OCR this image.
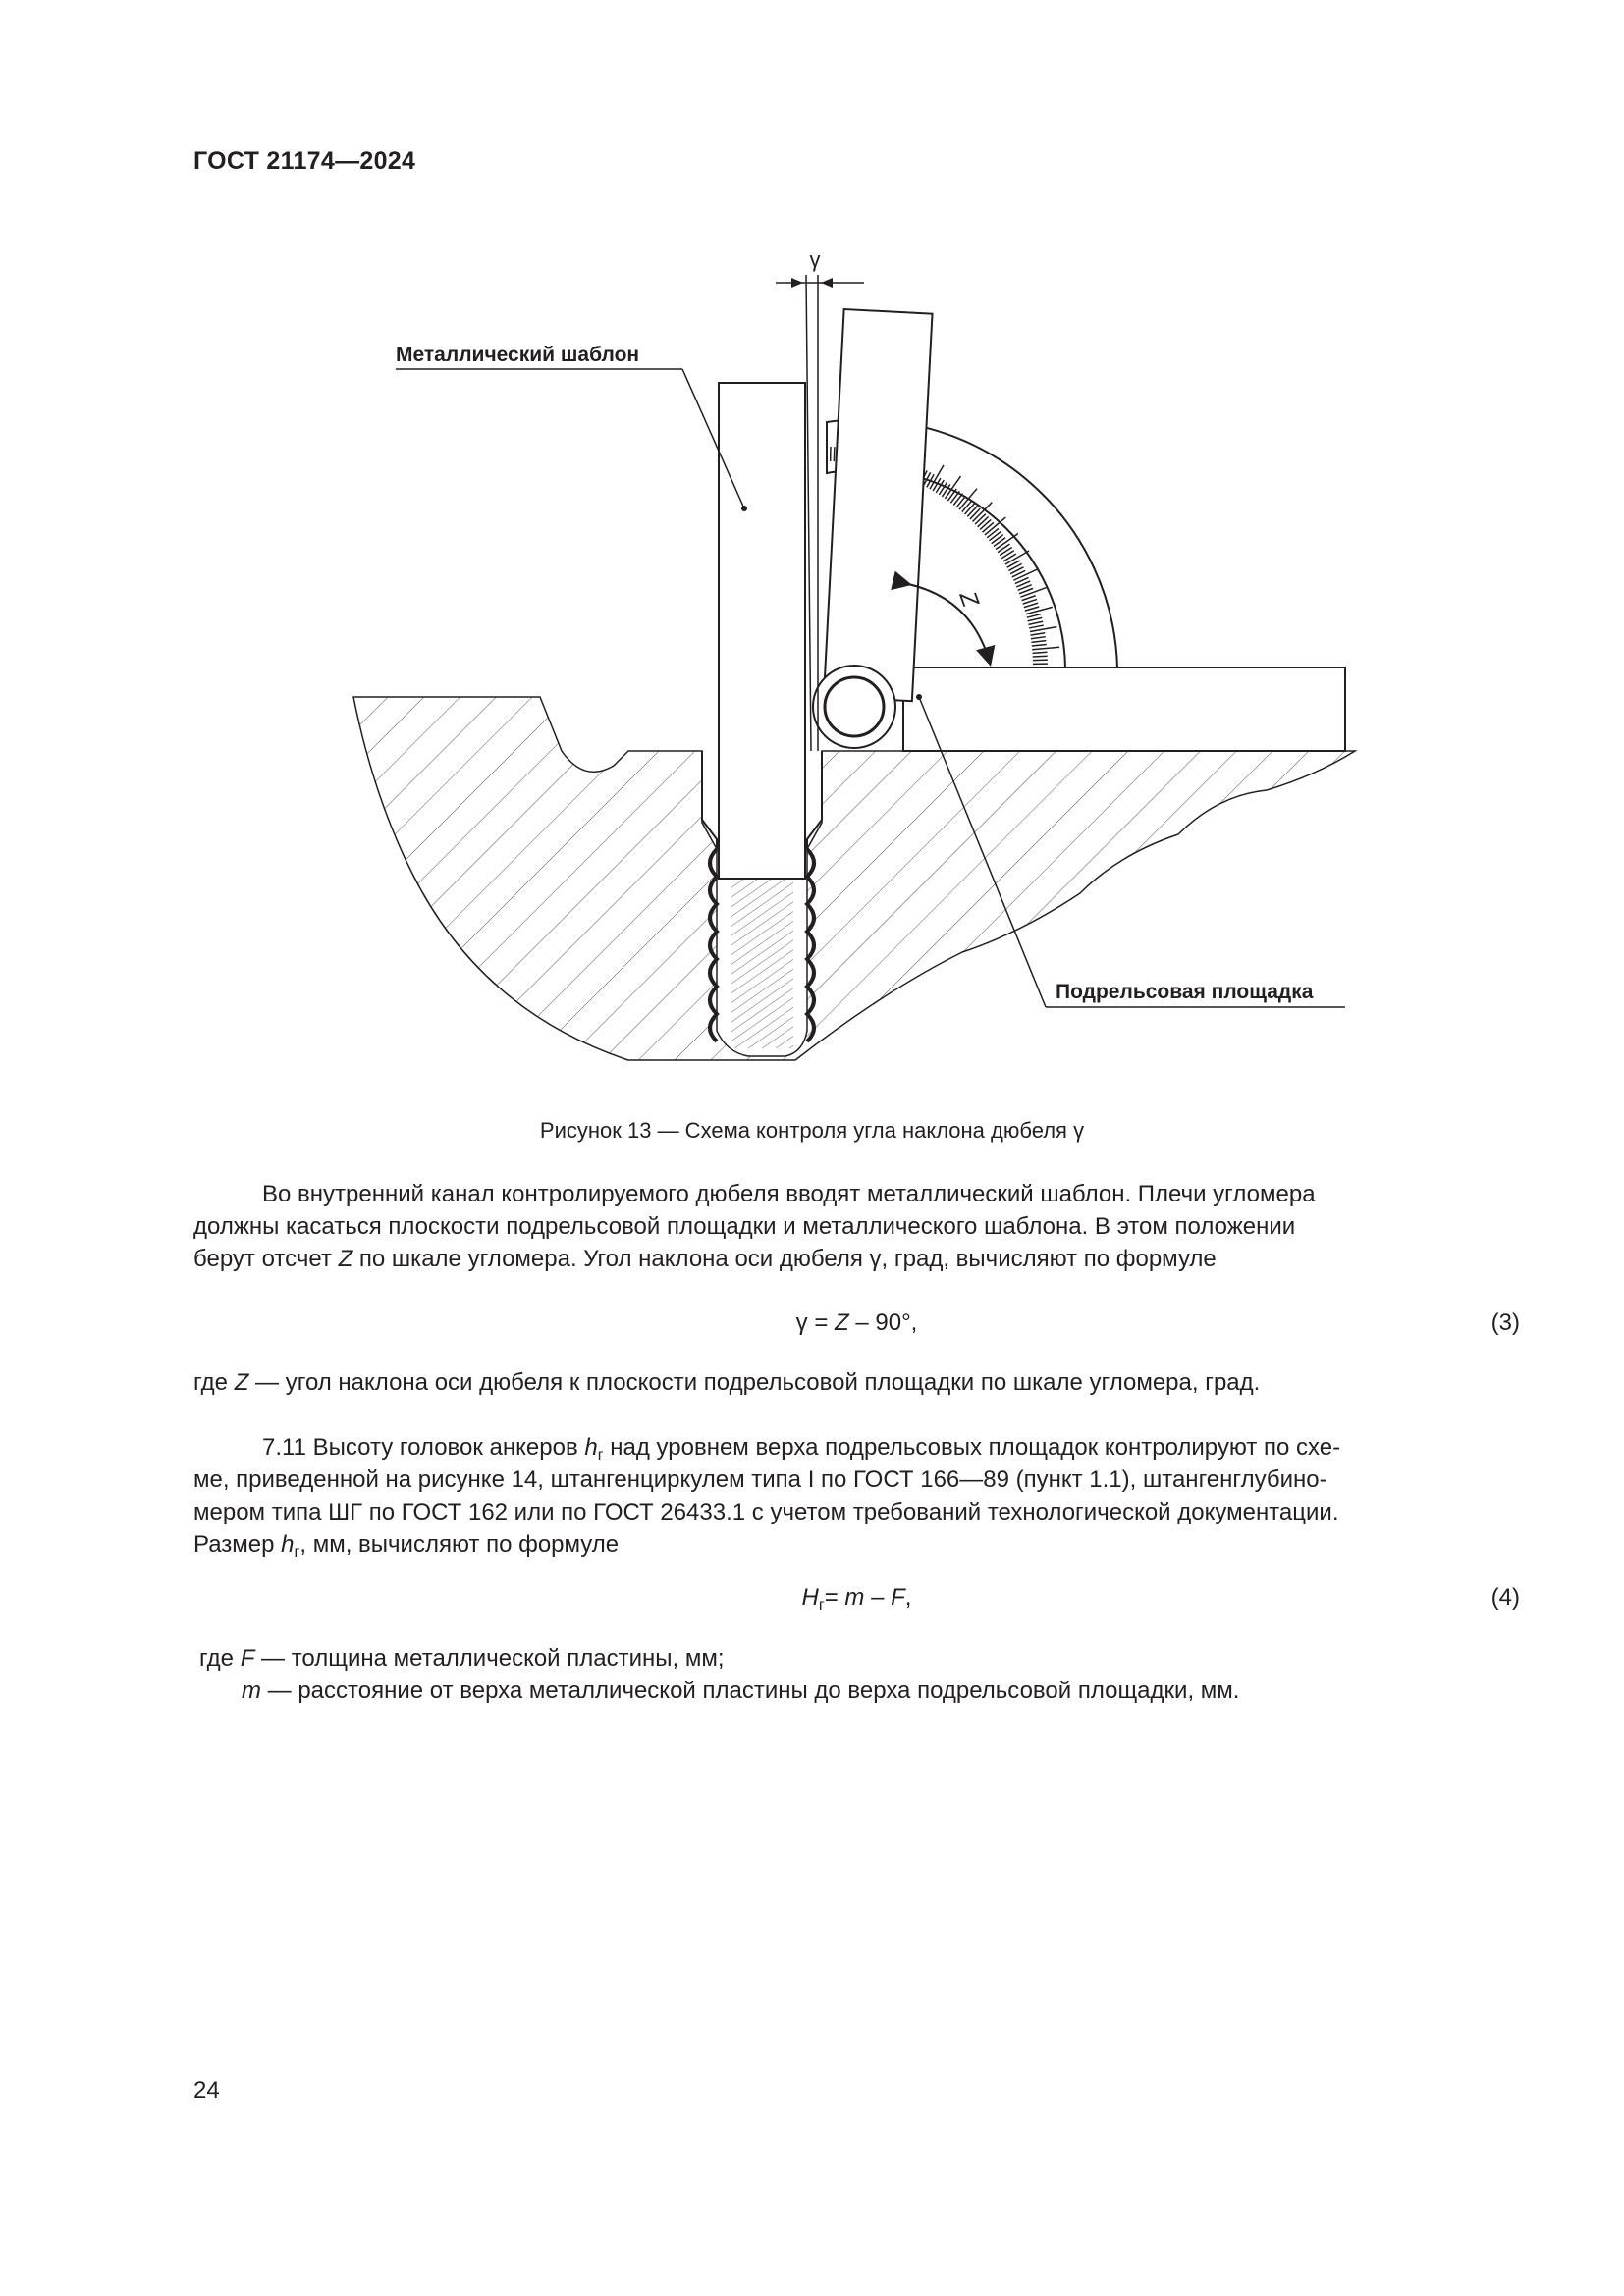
ГОСТ 21174—2024
γ
Z
Металлический шаблон
Подрельсовая площадка
Рисунок 13 — Схема контроля угла наклона дюбеля γ
Во внутренний канал контролируемого дюбеля вводят металлический шаблон. Плечи угломера
должны касаться плоскости подрельсовой площадки и металлического шаблона. В этом положении
берут отсчет Z по шкале угломера. Угол наклона оси дюбеля γ, град, вычисляют по формуле
γ = Z – 90°,	(3)
где Z — угол наклона оси дюбеля к плоскости подрельсовой площадки по шкале угломера, град.
7.11 Высоту головок анкеров $h_г$ над уровнем верха подрельсовых площадок контролируют по схе-
ме, приведенной на рисунке 14, штангенциркулем типа I по ГОСТ 166—89 (пункт 1.1), штангенглубино-
мером типа ШГ по ГОСТ 162 или по ГОСТ 26433.1 с учетом требований технологической документации.
Размер $h_г$, мм, вычисляют по формуле
$H_г= m - F$,	(4)
где F — толщина металлической пластины, мм;
m — расстояние от верха металлической пластины до верха подрельсовой площадки, мм.
24
